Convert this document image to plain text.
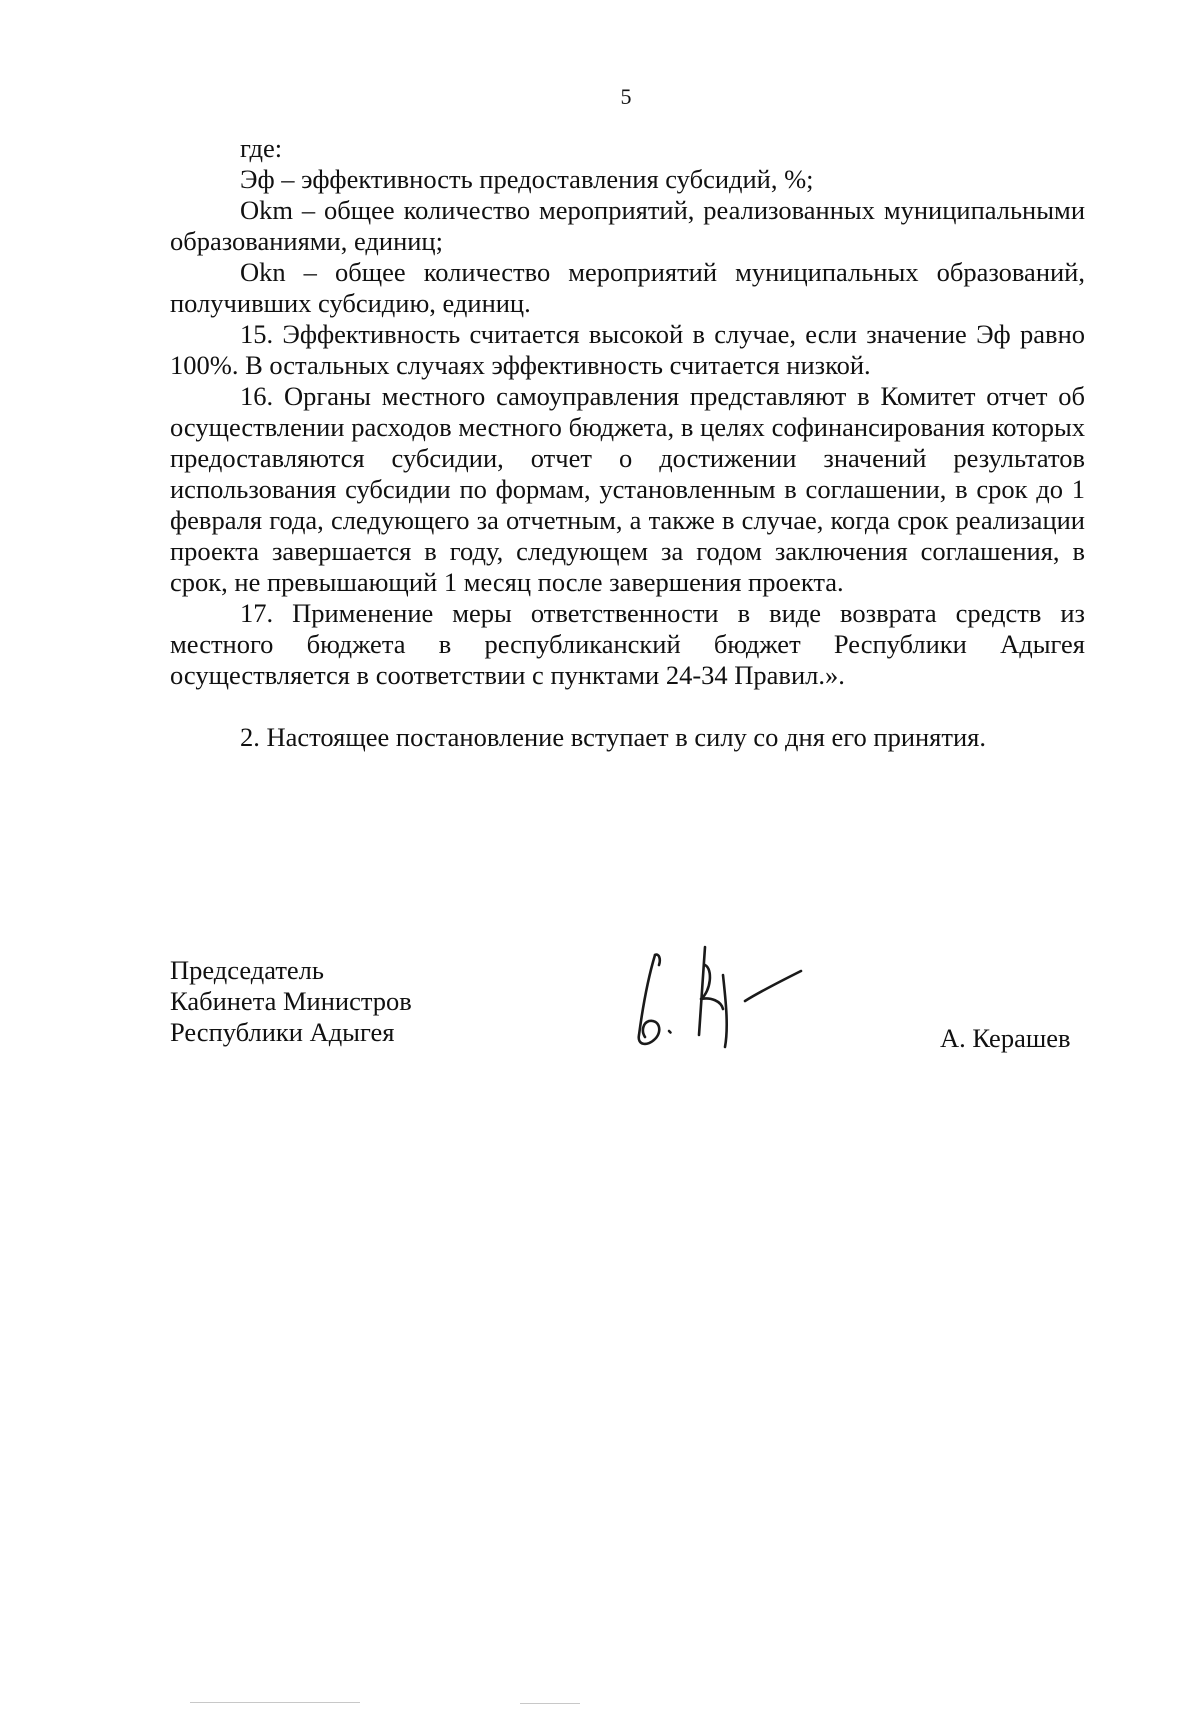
5

где:

Эф – эффективность предоставления субсидий, %;

Okm – общее количество мероприятий, реализованных муниципальными образованиями, единиц;

Okn – общее количество мероприятий муниципальных образований, получивших субсидию, единиц.

15. Эффективность считается высокой в случае, если значение Эф равно 100%. В остальных случаях эффективность считается низкой.

16. Органы местного самоуправления представляют в Комитет отчет об осуществлении расходов местного бюджета, в целях софинансирования которых предоставляются субсидии, отчет о достижении значений результатов использования субсидии по формам, установленным в соглашении, в срок до 1 февраля года, следующего за отчетным, а также в случае, когда срок реализации проекта завершается в году, следующем за годом заключения соглашения, в срок, не превышающий 1 месяц после завершения проекта.

17. Применение меры ответственности в виде возврата средств из местного бюджета в республиканский бюджет Республики Адыгея осуществляется в соответствии с пунктами 24-34 Правил.».

2. Настоящее постановление вступает в силу со дня его принятия.

Председатель
Кабинета Министров
Республики Адыгея	А. Керашев
